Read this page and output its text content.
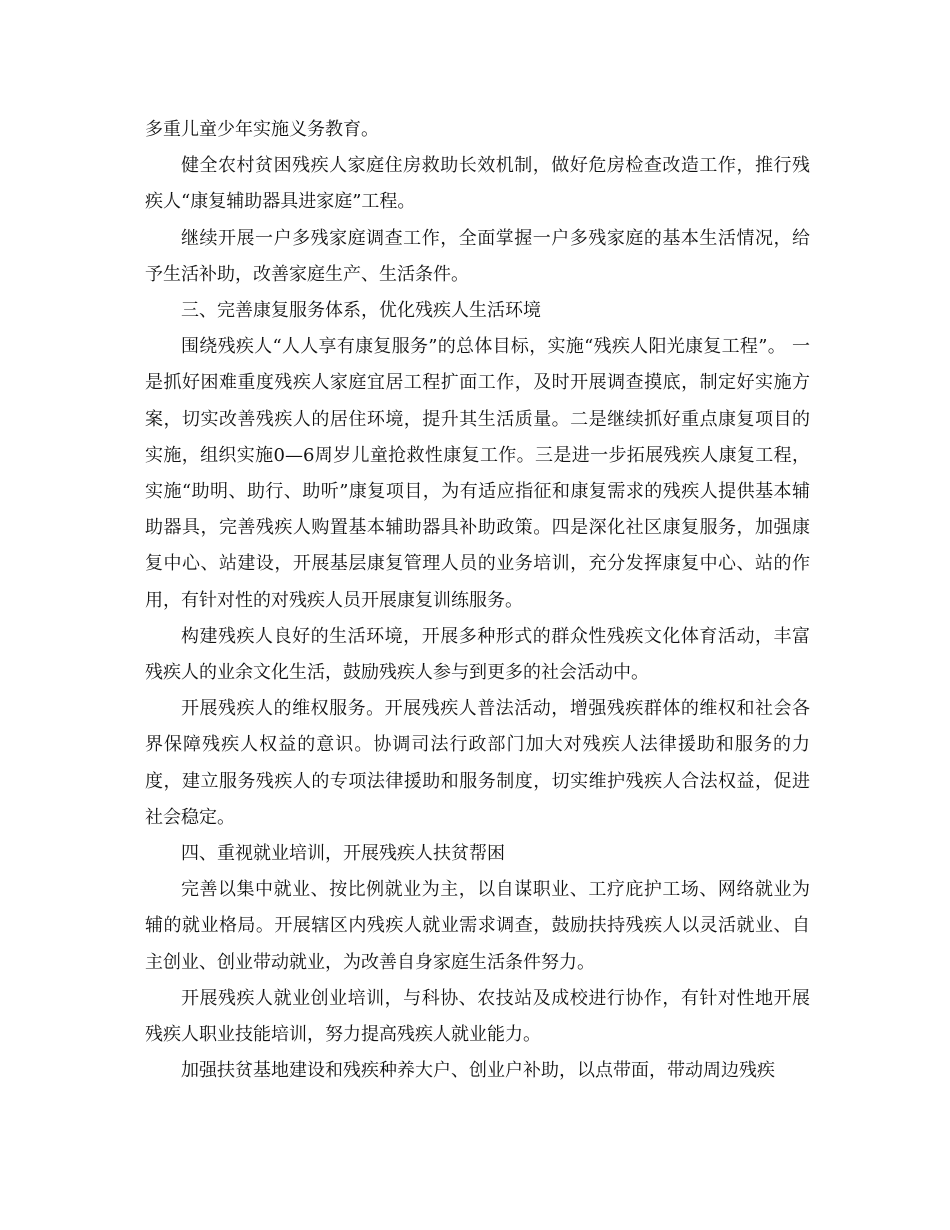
多重儿童少年实施义务教育。

健全农村贫困残疾人家庭住房救助长效机制，做好危房检查改造工作，推行残疾人“康复辅助器具进家庭”工程。

继续开展一户多残家庭调查工作，全面掌握一户多残家庭的基本生活情况，给予生活补助，改善家庭生产、生活条件。

三、完善康复服务体系，优化残疾人生活环境

围绕残疾人“人人享有康复服务”的总体目标，实施“残疾人阳光康复工程”。 一是抓好困难重度残疾人家庭宜居工程扩面工作，及时开展调查摸底，制定好实施方案，切实改善残疾人的居住环境，提升其生活质量。二是继续抓好重点康复项目的实施，组织实施0—6周岁儿童抢救性康复工作。三是进一步拓展残疾人康复工程，实施“助明、助行、助听”康复项目，为有适应指征和康复需求的残疾人提供基本辅助器具，完善残疾人购置基本辅助器具补助政策。四是深化社区康复服务，加强康复中心、站建设，开展基层康复管理人员的业务培训，充分发挥康复中心、站的作用，有针对性的对残疾人员开展康复训练服务。

构建残疾人良好的生活环境，开展多种形式的群众性残疾文化体育活动，丰富残疾人的业余文化生活，鼓励残疾人参与到更多的社会活动中。

开展残疾人的维权服务。开展残疾人普法活动，增强残疾群体的维权和社会各界保障残疾人权益的意识。协调司法行政部门加大对残疾人法律援助和服务的力度，建立服务残疾人的专项法律援助和服务制度，切实维护残疾人合法权益，促进社会稳定。

四、重视就业培训，开展残疾人扶贫帮困

完善以集中就业、按比例就业为主，以自谋职业、工疗庇护工场、网络就业为辅的就业格局。开展辖区内残疾人就业需求调查，鼓励扶持残疾人以灵活就业、自主创业、创业带动就业，为改善自身家庭生活条件努力。

开展残疾人就业创业培训，与科协、农技站及成校进行协作，有针对性地开展残疾人职业技能培训，努力提高残疾人就业能力。

加强扶贫基地建设和残疾种养大户、创业户补助，以点带面，带动周边残疾
